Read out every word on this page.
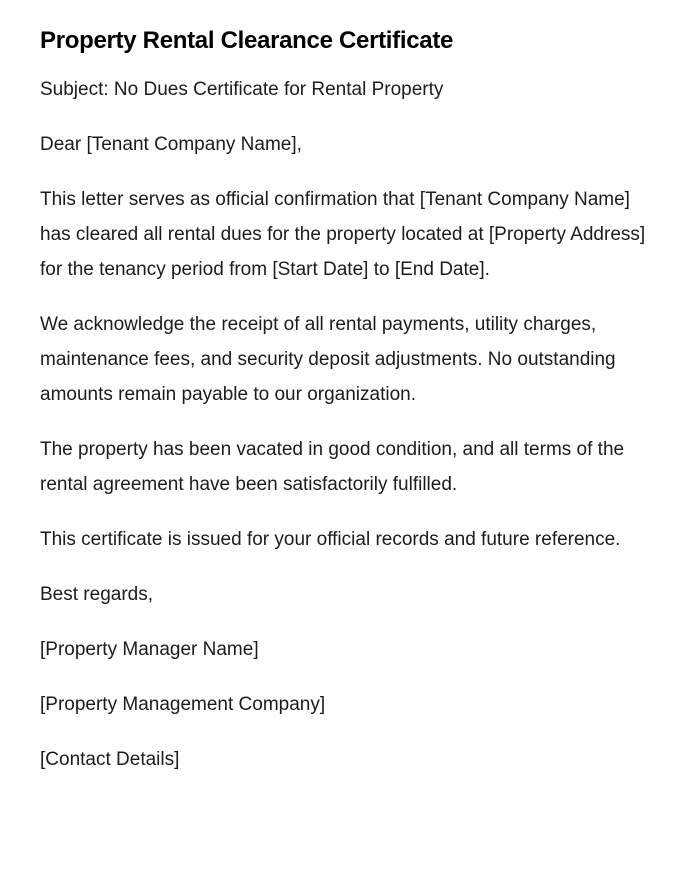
Property Rental Clearance Certificate

Subject: No Dues Certificate for Rental Property

Dear [Tenant Company Name],

This letter serves as official confirmation that [Tenant Company Name] has cleared all rental dues for the property located at [Property Address] for the tenancy period from [Start Date] to [End Date].

We acknowledge the receipt of all rental payments, utility charges, maintenance fees, and security deposit adjustments. No outstanding amounts remain payable to our organization.

The property has been vacated in good condition, and all terms of the rental agreement have been satisfactorily fulfilled.

This certificate is issued for your official records and future reference.

Best regards,

[Property Manager Name]

[Property Management Company]

[Contact Details]
